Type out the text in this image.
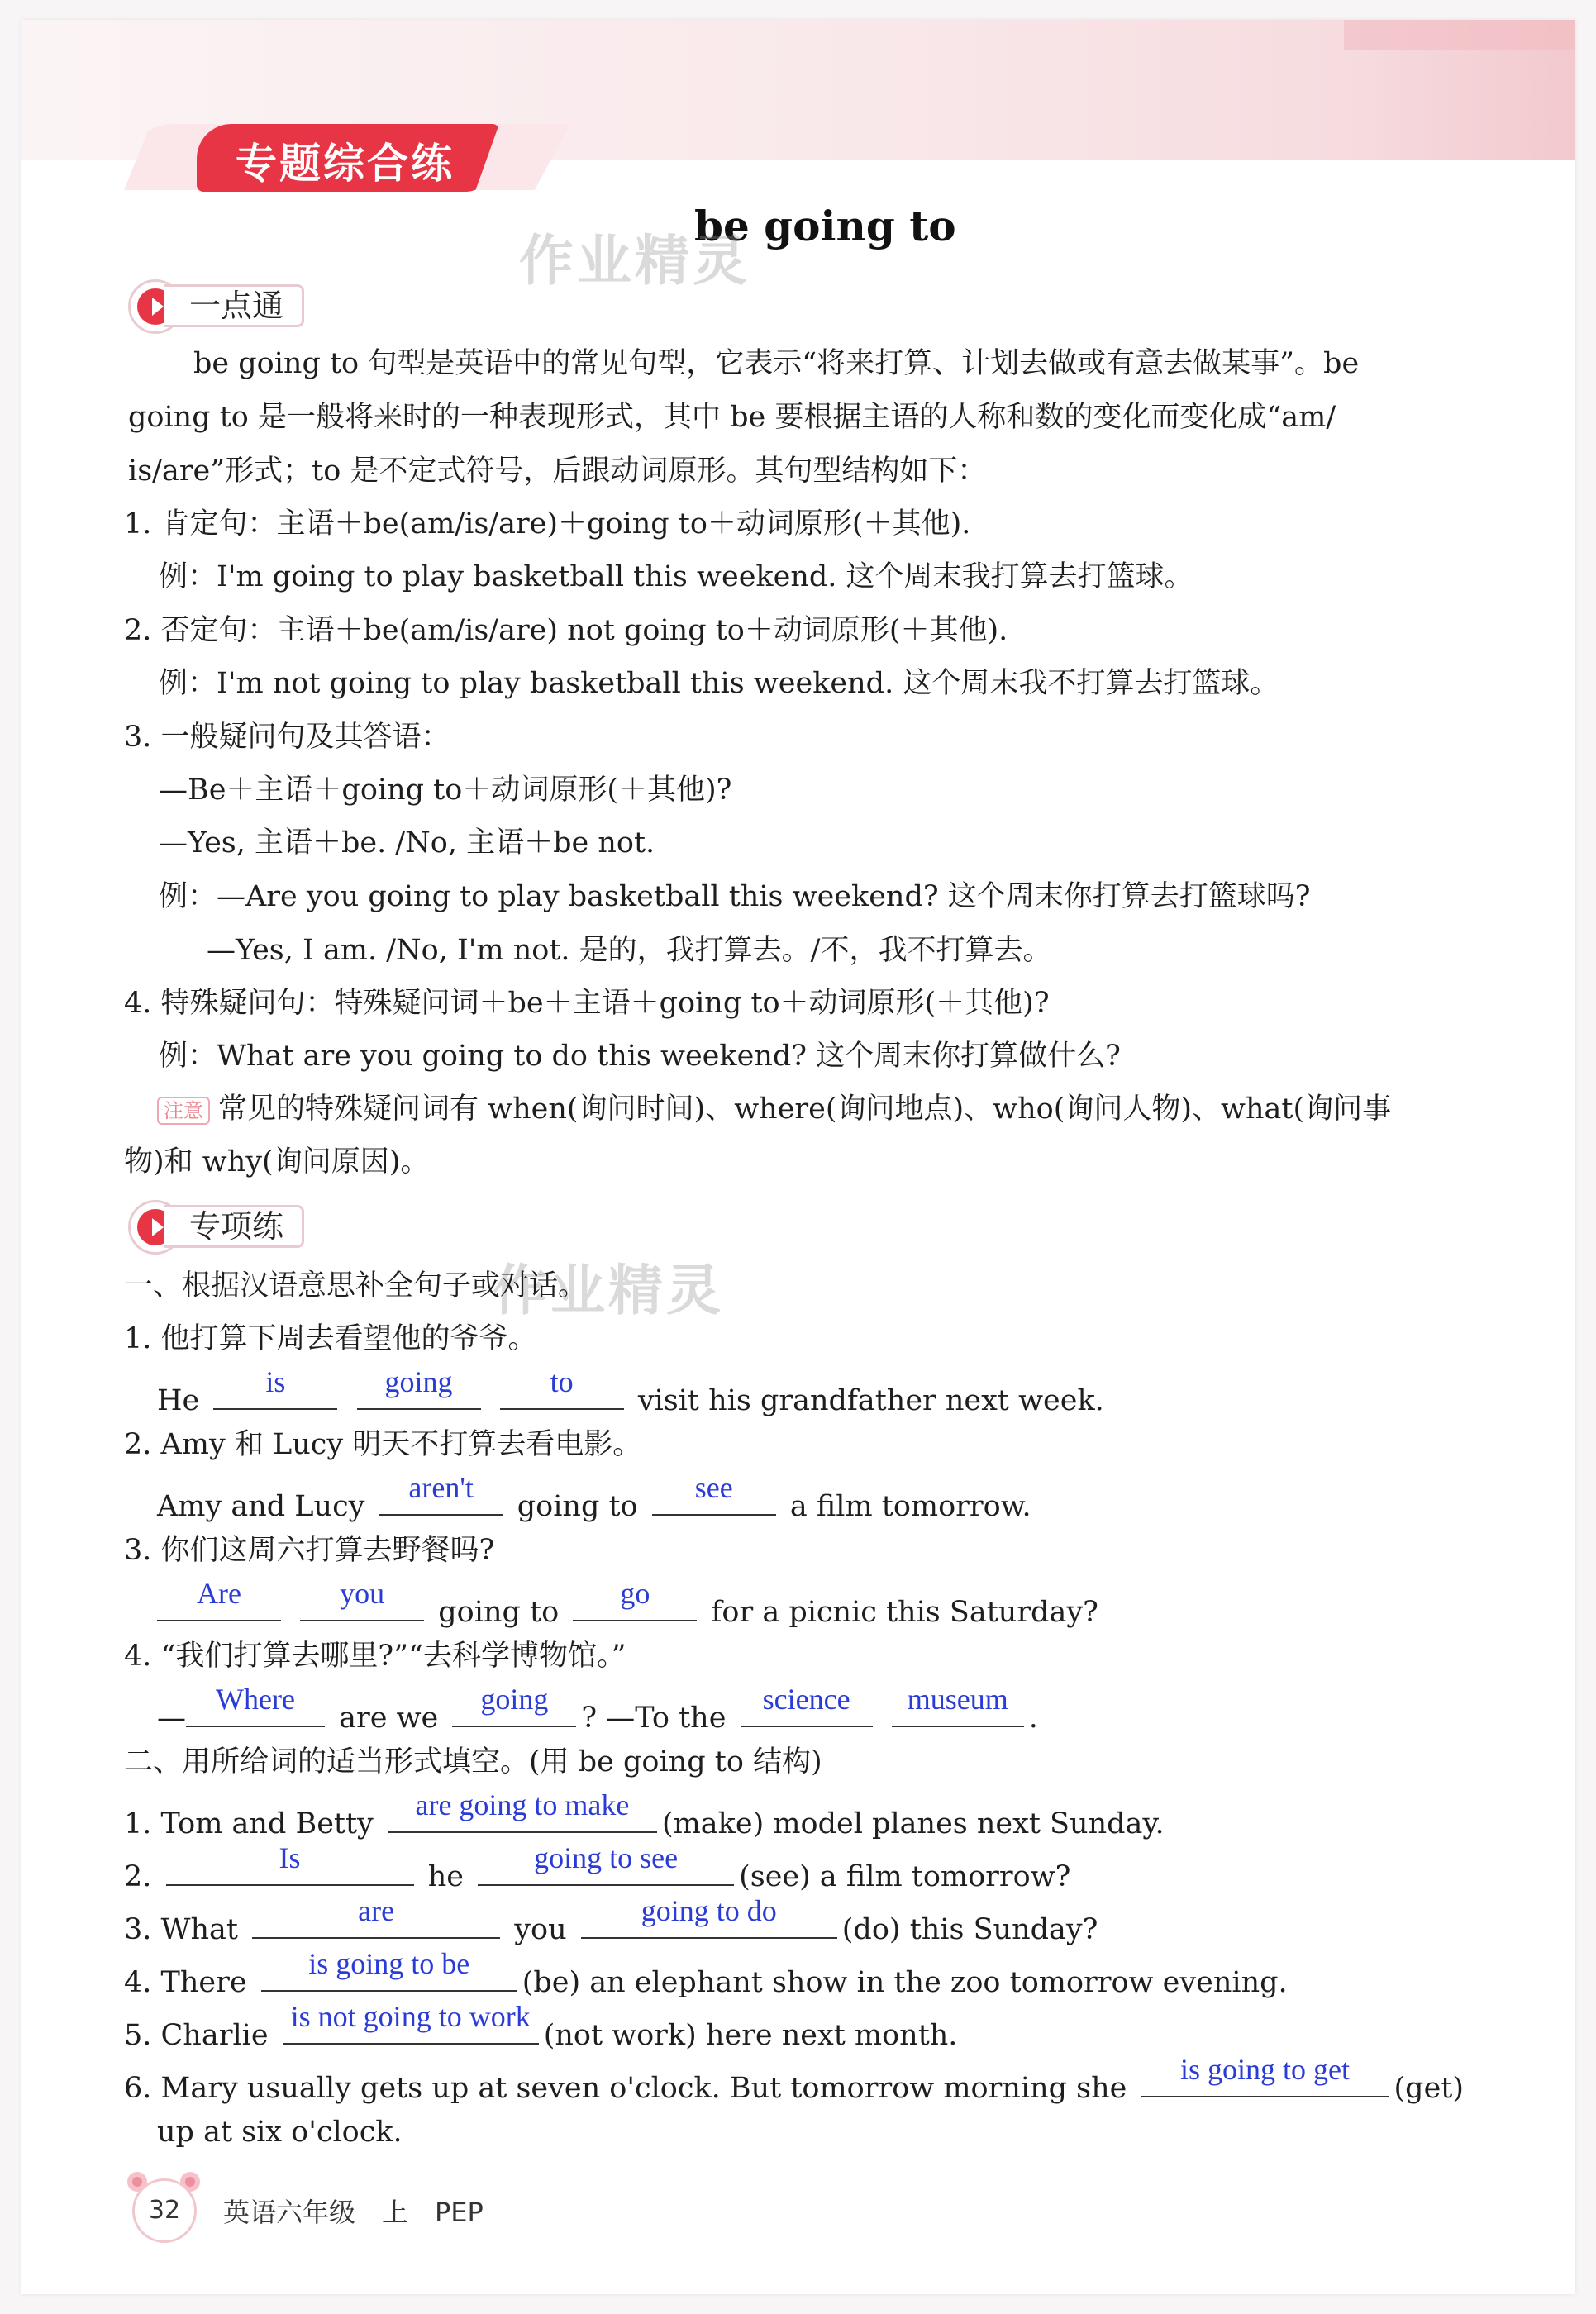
专题综合练
be going to
作业精灵
作业精灵
一点通
be going to 句型是英语中的常见句型，它表示“将来打算、计划去做或有意去做某事”。be
going to 是一般将来时的一种表现形式，其中 be 要根据主语的人称和数的变化而变化成“am/
is/are”形式；to 是不定式符号，后跟动词原形。其句型结构如下：
1. 肯定句：主语＋be(am/is/are)＋going to＋动词原形(＋其他).
例：I'm going to play basketball this weekend. 这个周末我打算去打篮球。
2. 否定句：主语＋be(am/is/are) not going to＋动词原形(＋其他).
例：I'm not going to play basketball this weekend. 这个周末我不打算去打篮球。
3. 一般疑问句及其答语：
—Be＋主语＋going to＋动词原形(＋其他)?
—Yes, 主语＋be. /No, 主语＋be not.
例：—Are you going to play basketball this weekend? 这个周末你打算去打篮球吗?
—Yes, I am. /No, I'm not. 是的，我打算去。/不，我不打算去。
4. 特殊疑问句：特殊疑问词＋be＋主语＋going to＋动词原形(＋其他)?
例：What are you going to do this weekend? 这个周末你打算做什么?
注意 常见的特殊疑问词有 when(询问时间)、where(询问地点)、who(询问人物)、what(询问事
物)和 why(询问原因)。
专项练
一、根据汉语意思补全句子或对话。
1. 他打算下周去看望他的爷爷。
He
is
	going
	to
visit his grandfather next week.
2. Amy 和 Lucy 明天不打算去看电影。
Amy and Lucy
aren't
going to
see
a film tomorrow.
3. 你们这周六打算去野餐吗?
Are
	you
going to
go
for a picnic this Saturday?
4. “我们打算去哪里?”“去科学博物馆。”
—
Where
are we
going
? —To the
science
	museum
.
二、用所给词的适当形式填空。(用 be going to 结构)
1. Tom and Betty
are going to make
(make) model planes next Sunday.
2.
Is
he
going to see
(see) a film tomorrow?
3. What
are
you
going to do
(do) this Sunday?
4. There
is going to be
(be) an elephant show in the zoo tomorrow evening.
5. Charlie
is not going to work
(not work) here next month.
6. Mary usually gets up at seven o'clock. But tomorrow morning she
is going to get
(get)
up at six o'clock.
32	英语六年级　上　PEP
